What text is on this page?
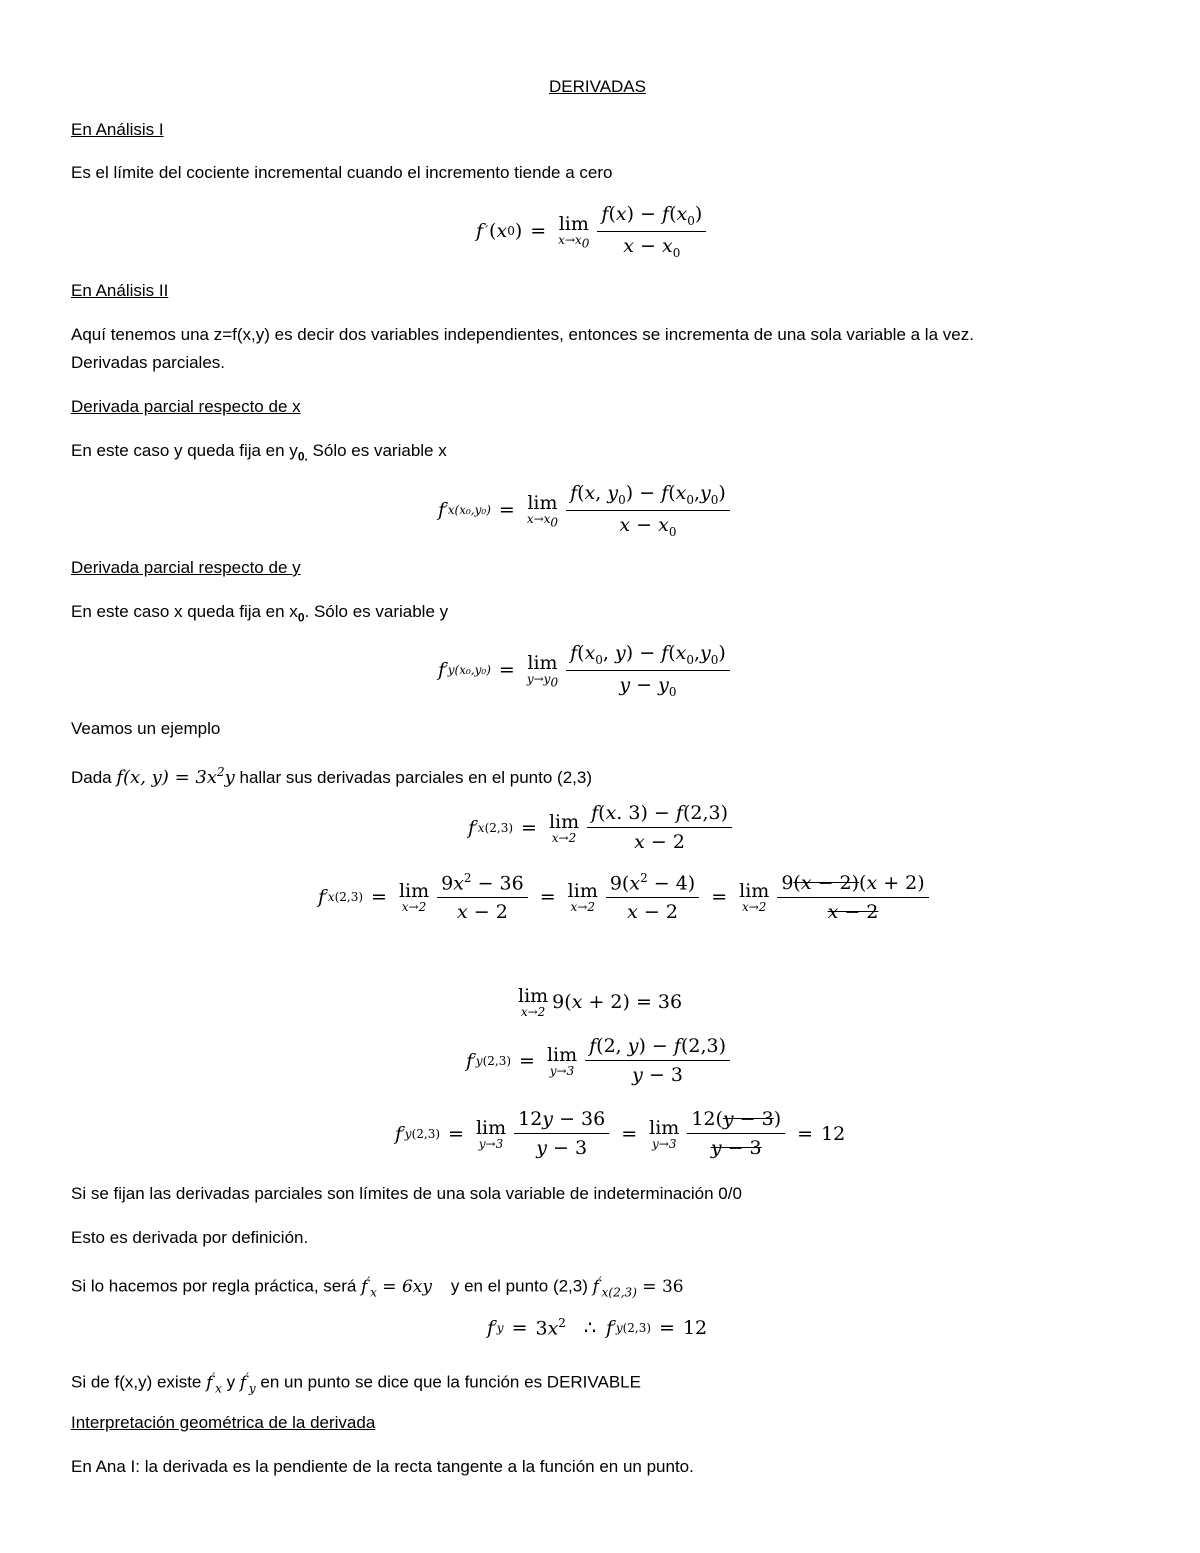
DERIVADAS
En Análisis I
Es el límite del cociente incremental cuando el incremento tiende a cero
f ´ ( x 0 ) = lim
$x\to x_0 \frac{f(x) - f(x_0)}{x - x_0}$
En Análisis II
Aquí tenemos una z=f(x,y) es decir dos variables independientes, entonces se incrementa de una sola variable a la vez.
Derivadas parciales.
Derivada parcial respecto de x
En este caso y queda fija en $y_{0.}$ Sólo es variable x
f ′ x(x₀,y₀) = lim
$x\to x_0 \frac{f(x, y_0) - f(x_0,y_0)}{x - x_0}$
Derivada parcial respecto de y
En este caso x queda fija en $x_0$. Sólo es variable y
f ′ y(x₀,y₀) = lim
$y\to y_0 \frac{f(x_0, y) - f(x_0,y_0)}{y - y_0}$
Veamos un ejemplo
Dada f(x, $y) = 3x^2y$ hallar sus derivadas parciales en el punto (2,3)
f ′ x(2,3) = lim
$x\to 2 \frac{f(x. 3) - f(2,3)}{x - 2}$
f ′ x(2,3) = lim
$x\to 2 \frac{9x^2 - 36}{x - 2} = \lim$
$x\to 2 \frac{9(x^2 - 4)}{x - 2} = \lim$
$x\to 2 \frac{9(x - 2)(x + 2)}{x - 2}$
lim
x→2 9(x + 2) = 36
f ′ y(2,3) = lim
$y\to 3 \frac{f(2, y) - f(2,3)}{y - 3}$
f ′ y(2,3) = lim
$y\to 3 \frac{12y - 36}{y - 3} = \lim$
$y\to 3 \frac{12(y - 3)}{y - 3} = 12$
Si se fijan las derivadas parciales son límites de una sola variable de indeterminación 0/0
Esto es derivada por definición.
Si lo hacemos por regla práctica, será $f'_x = 6xy$    y en el punto (2,3) $f'_{x(2,3)} = 36$
f ′ $y = 3x^2$ ∴ f ′ y(2,3) = 12
Si de f(x,y) existe $f'_x$ y $f'_y$ en un punto se dice que la función es DERIVABLE
Interpretación geométrica de la derivada
En Ana I: la derivada es la pendiente de la recta tangente a la función en un punto.
